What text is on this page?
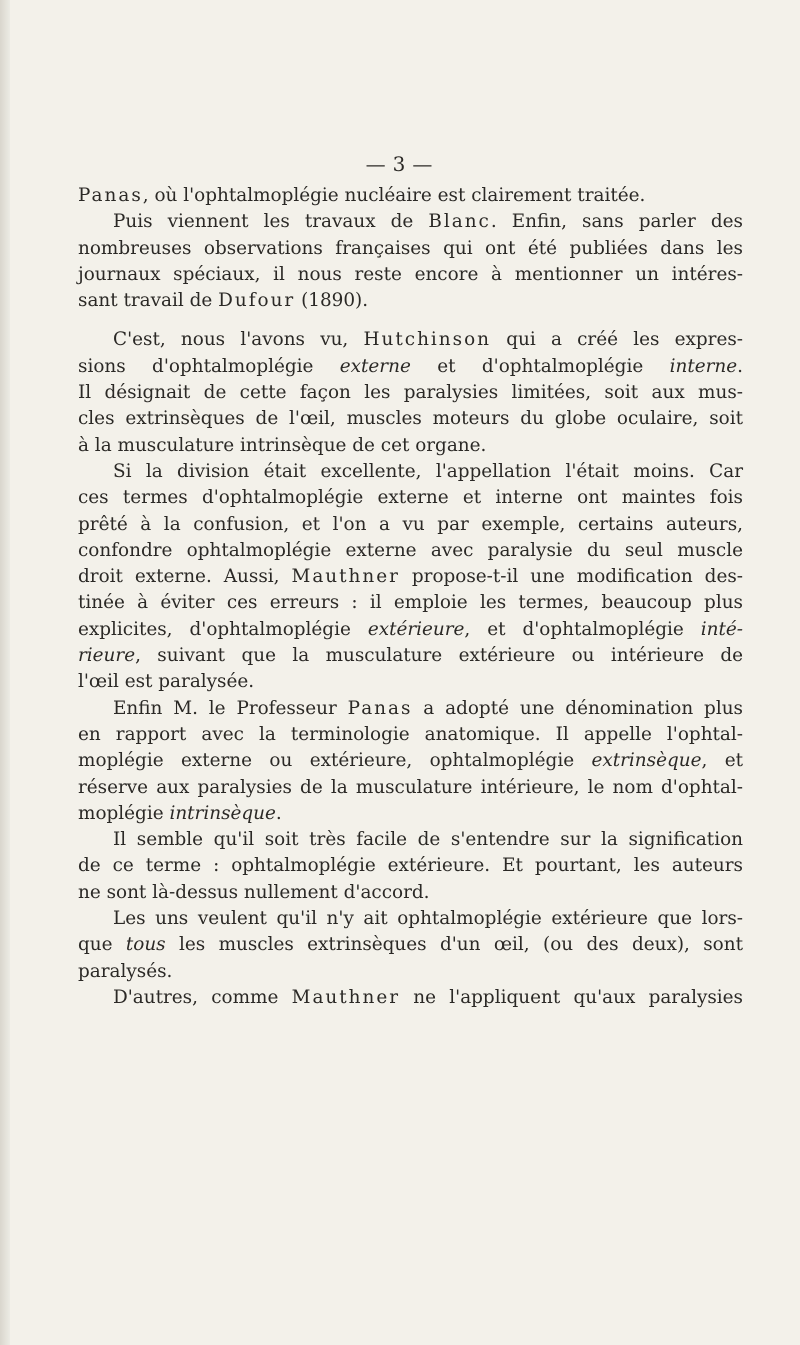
— 3 —

Panas, où l'ophtalmoplégie nucléaire est clairement traitée.

Puis viennent les travaux de Blanc. Enfin, sans parler des

nombreuses observations françaises qui ont été publiées dans les

journaux spéciaux, il nous reste encore à mentionner un intéres-

sant travail de Dufour (1890).

C'est, nous l'avons vu, Hutchinson qui a créé les expres-

sions d'ophtalmoplégie externe et d'ophtalmoplégie interne.

Il désignait de cette façon les paralysies limitées, soit aux mus-

cles extrinsèques de l'œil, muscles moteurs du globe oculaire, soit

à la musculature intrinsèque de cet organe.

Si la division était excellente, l'appellation l'était moins. Car

ces termes d'ophtalmoplégie externe et interne ont maintes fois

prêté à la confusion, et l'on a vu par exemple, certains auteurs,

confondre ophtalmoplégie externe avec paralysie du seul muscle

droit externe. Aussi, Mauthner propose-t-il une modification des-

tinée à éviter ces erreurs : il emploie les termes, beaucoup plus

explicites, d'ophtalmoplégie extérieure, et d'ophtalmoplégie inté-

rieure, suivant que la musculature extérieure ou intérieure de

l'œil est paralysée.

Enfin M. le Professeur Panas a adopté une dénomination plus

en rapport avec la terminologie anatomique. Il appelle l'ophtal-

moplégie externe ou extérieure, ophtalmoplégie extrinsèque, et

réserve aux paralysies de la musculature intérieure, le nom d'ophtal-

moplégie intrinsèque.

Il semble qu'il soit très facile de s'entendre sur la signification

de ce terme : ophtalmoplégie extérieure. Et pourtant, les auteurs

ne sont là-dessus nullement d'accord.

Les uns veulent qu'il n'y ait ophtalmoplégie extérieure que lors-

que tous les muscles extrinsèques d'un œil, (ou des deux), sont

paralysés.

D'autres, comme Mauthner ne l'appliquent qu'aux paralysies
